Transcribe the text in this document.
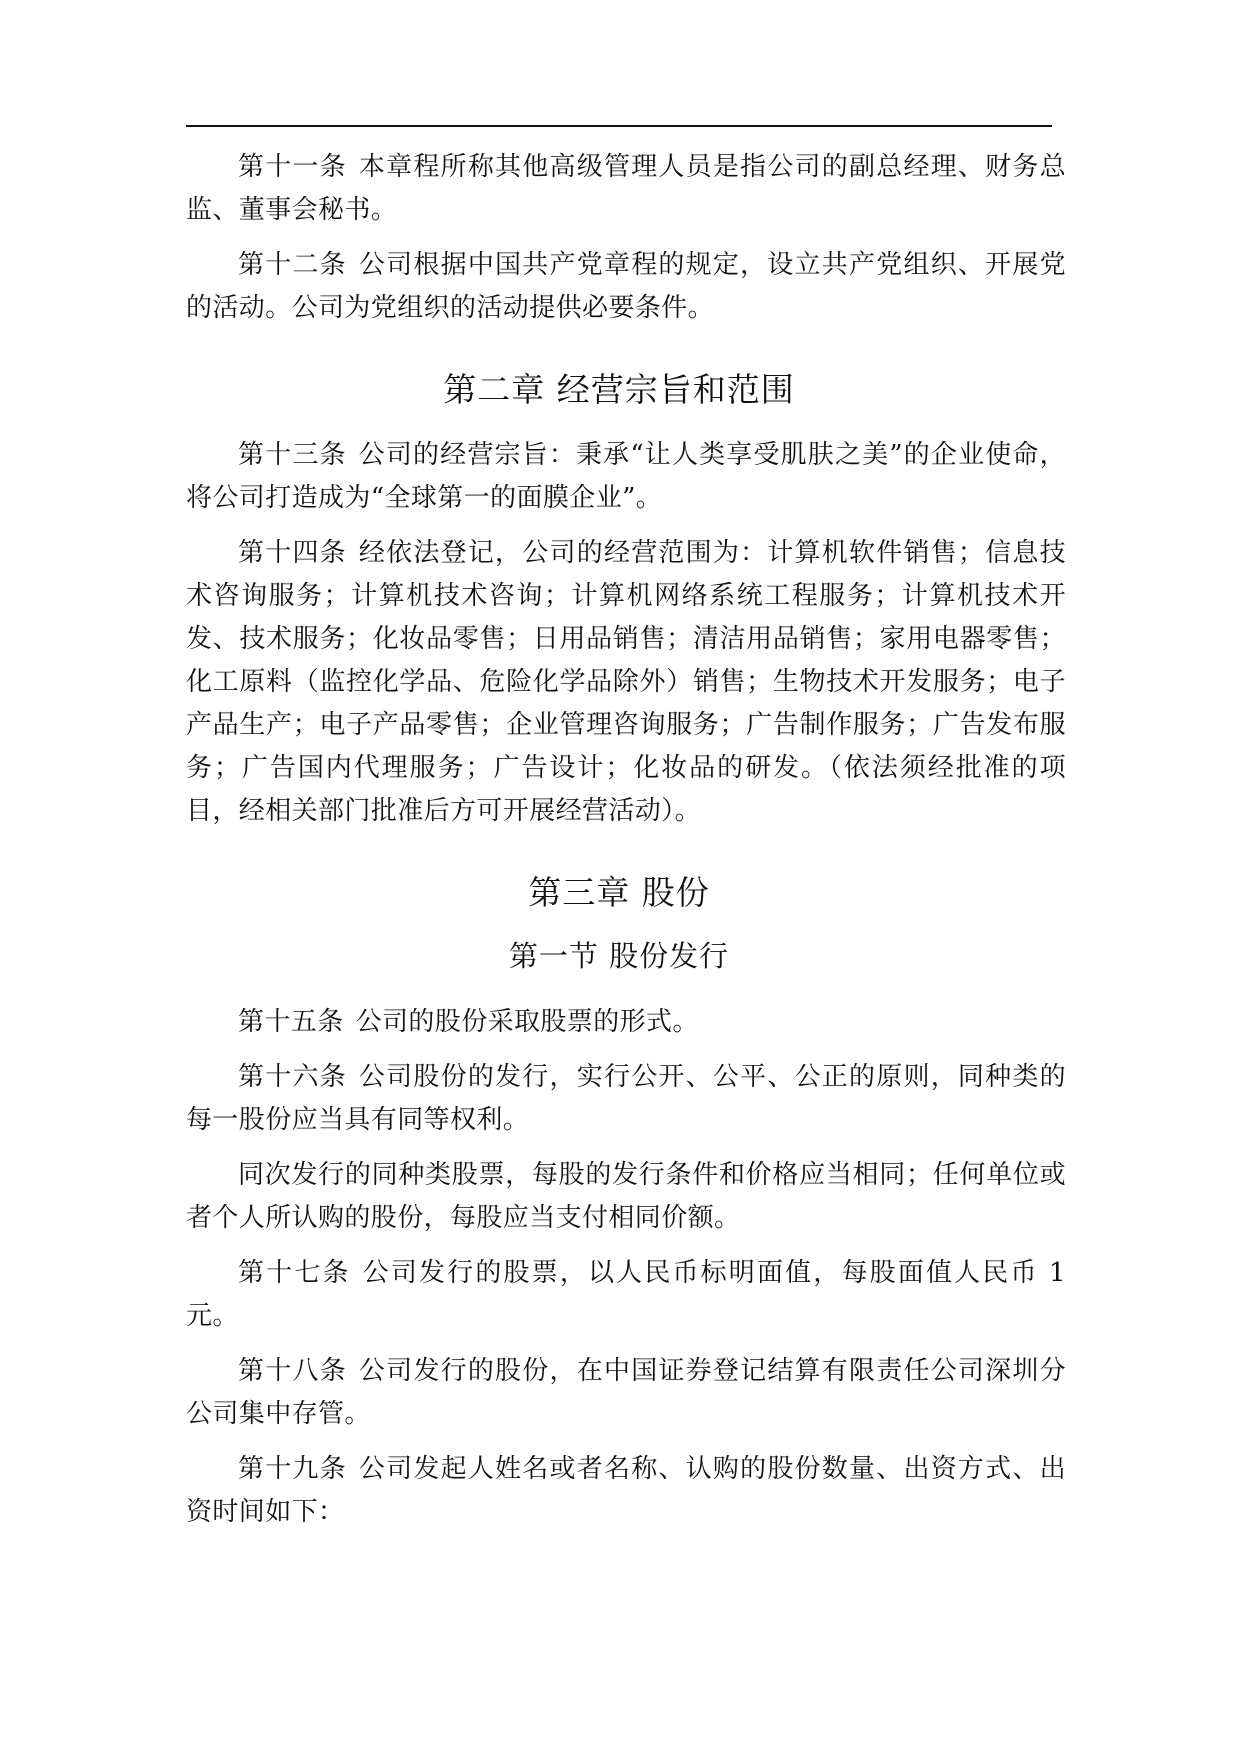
第十一条 本章程所称其他高级管理人员是指公司的副总经理、财务总监、董事会秘书。

第十二条 公司根据中国共产党章程的规定，设立共产党组织、开展党的活动。公司为党组织的活动提供必要条件。

第二章 经营宗旨和范围

第十三条 公司的经营宗旨：秉承“让人类享受肌肤之美”的企业使命，将公司打造成为“全球第一的面膜企业”。

第十四条 经依法登记，公司的经营范围为：计算机软件销售；信息技术咨询服务；计算机技术咨询；计算机网络系统工程服务；计算机技术开发、技术服务；化妆品零售；日用品销售；清洁用品销售；家用电器零售；化工原料（监控化学品、危险化学品除外）销售；生物技术开发服务；电子产品生产；电子产品零售；企业管理咨询服务；广告制作服务；广告发布服务；广告国内代理服务；广告设计；化妆品的研发。（依法须经批准的项目，经相关部门批准后方可开展经营活动）。

第三章 股份
第一节 股份发行

第十五条 公司的股份采取股票的形式。

第十六条 公司股份的发行，实行公开、公平、公正的原则，同种类的每一股份应当具有同等权利。

同次发行的同种类股票，每股的发行条件和价格应当相同；任何单位或者个人所认购的股份，每股应当支付相同价额。

第十七条 公司发行的股票，以人民币标明面值，每股面值人民币 1元。

第十八条 公司发行的股份，在中国证券登记结算有限责任公司深圳分公司集中存管。

第十九条 公司发起人姓名或者名称、认购的股份数量、出资方式、出资时间如下：
